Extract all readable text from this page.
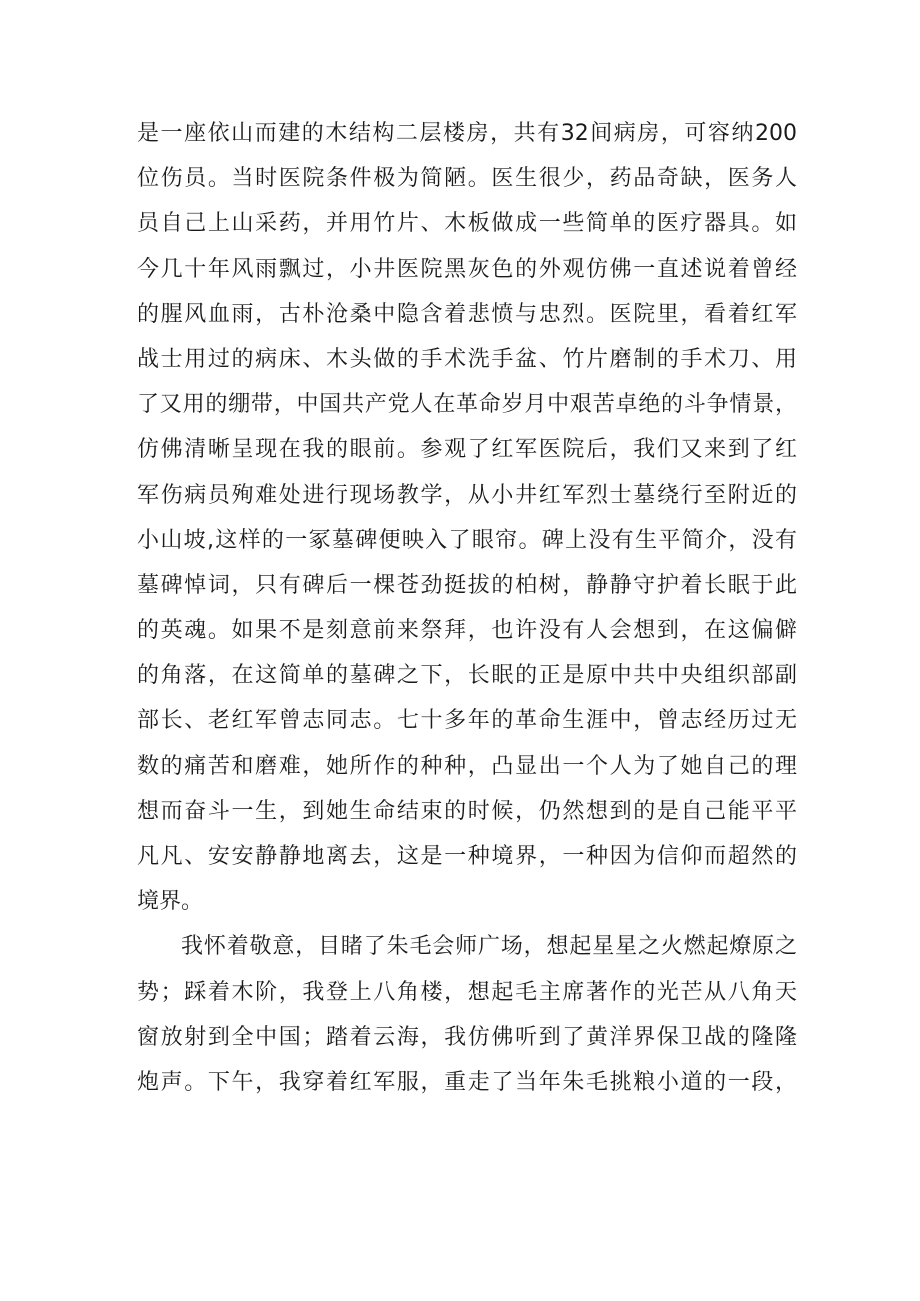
是一座依山而建的木结构二层楼房，共有32间病房，可容纳200
位伤员。当时医院条件极为简陋。医生很少，药品奇缺，医务人
员自己上山采药，并用竹片、木板做成一些简单的医疗器具。如
今几十年风雨飘过，小井医院黑灰色的外观仿佛一直述说着曾经
的腥风血雨，古朴沧桑中隐含着悲愤与忠烈。医院里，看着红军
战士用过的病床、木头做的手术洗手盆、竹片磨制的手术刀、用
了又用的绷带，中国共产党人在革命岁月中艰苦卓绝的斗争情景，
仿佛清晰呈现在我的眼前。参观了红军医院后，我们又来到了红
军伤病员殉难处进行现场教学，从小井红军烈士墓绕行至附近的
小山坡,这样的一冢墓碑便映入了眼帘。碑上没有生平简介，没有
墓碑悼词，只有碑后一棵苍劲挺拔的柏树，静静守护着长眠于此
的英魂。如果不是刻意前来祭拜，也许没有人会想到，在这偏僻
的角落，在这简单的墓碑之下，长眠的正是原中共中央组织部副
部长、老红军曾志同志。七十多年的革命生涯中，曾志经历过无
数的痛苦和磨难，她所作的种种，凸显出一个人为了她自己的理
想而奋斗一生，到她生命结束的时候，仍然想到的是自己能平平
凡凡、安安静静地离去，这是一种境界，一种因为信仰而超然的
境界。
我怀着敬意，目睹了朱毛会师广场，想起星星之火燃起燎原之
势；踩着木阶，我登上八角楼，想起毛主席著作的光芒从八角天
窗放射到全中国；踏着云海，我仿佛听到了黄洋界保卫战的隆隆
炮声。下午，我穿着红军服，重走了当年朱毛挑粮小道的一段，
